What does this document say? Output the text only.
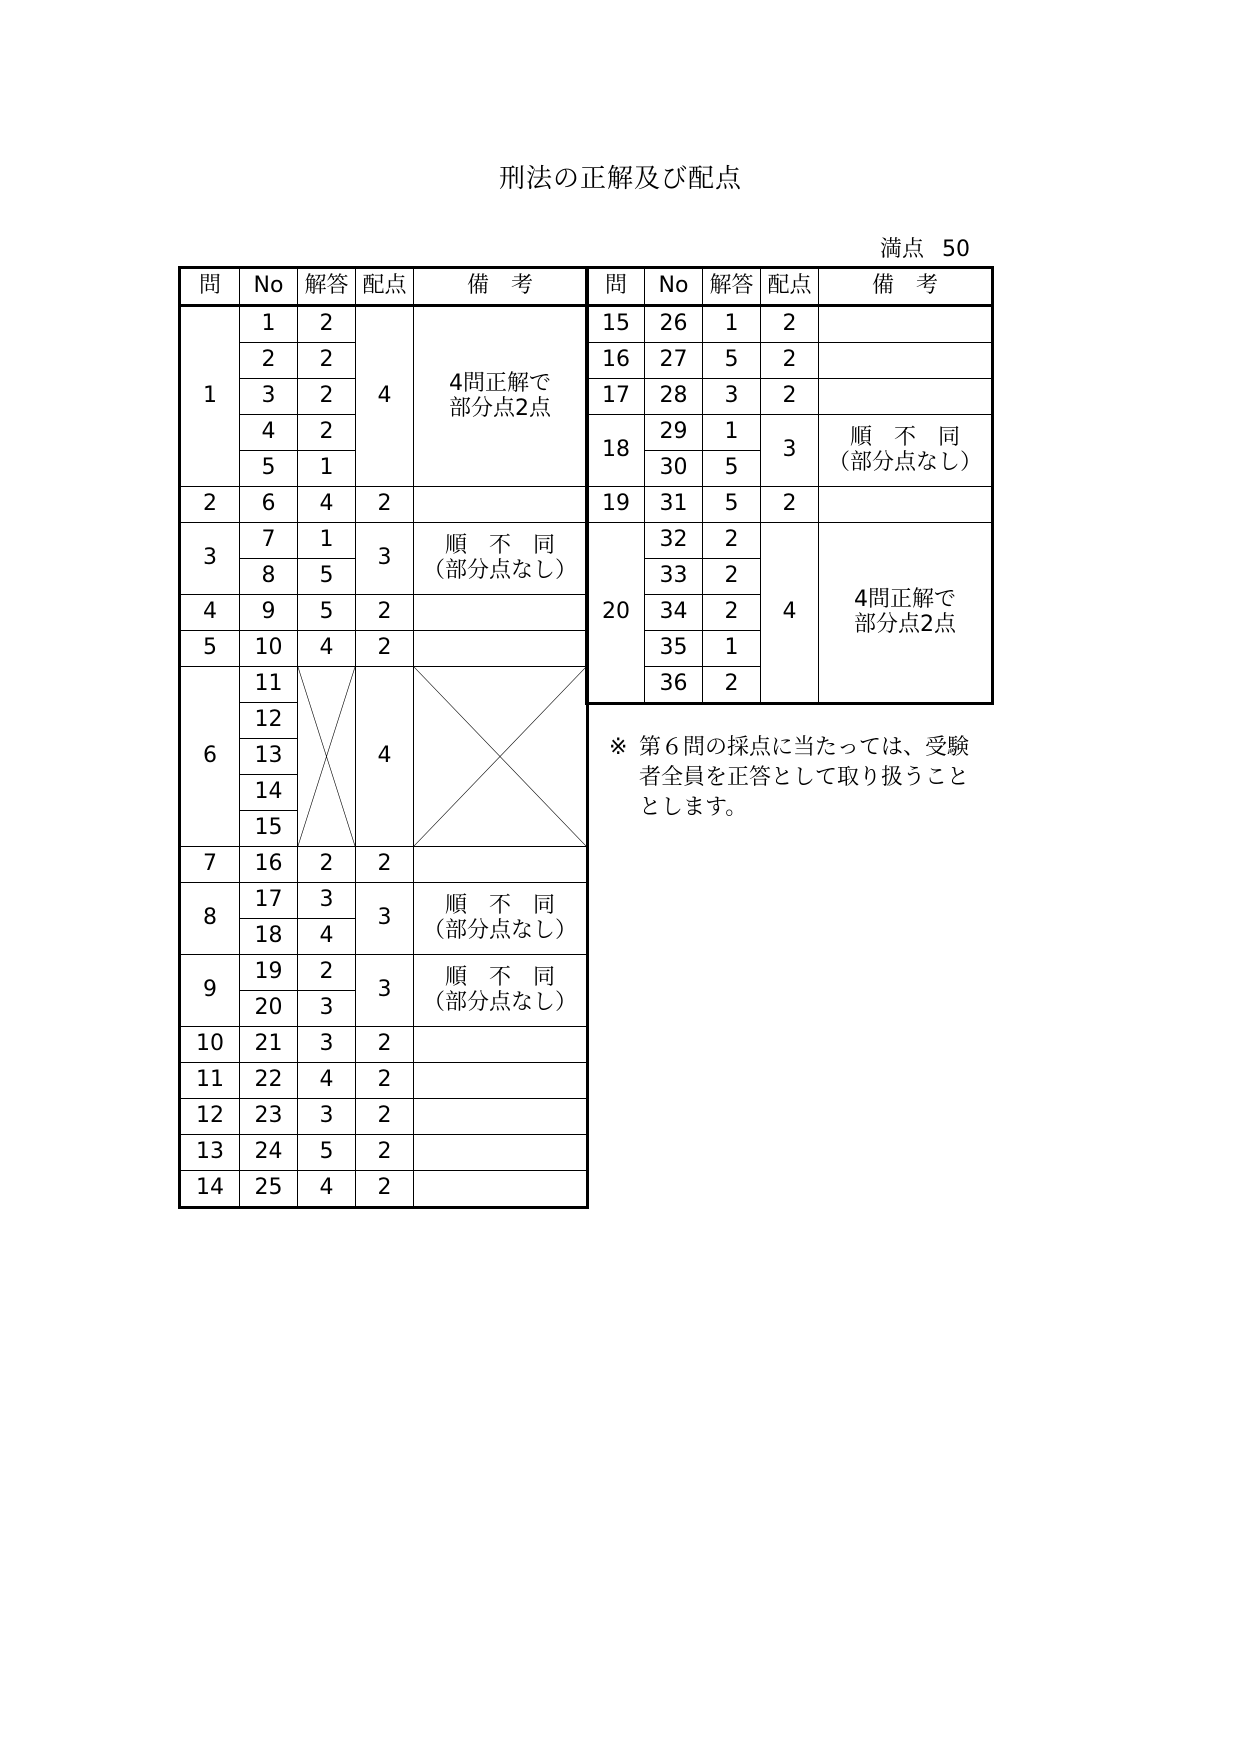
刑法の正解及び配点
満点 50
問	No	解答	配点	備　考
1	1	2	4	4問正解で
部分点2点
	2	2		
	3	2		
	4	2		
	5	1		
2	6	4	2	
3	7	1	3	順　不　同
（部分点なし）
	8	5		
4	9	5	2	
5	10	4	2	
6	11		4	

	12			
	13			
	14			
	15			
7	16	2	2	
8	17	3	3	順　不　同
（部分点なし）
	18	4		
9	19	2	3	順　不　同
（部分点なし）
	20	3		
10	21	3	2	
11	22	4	2	
12	23	3	2	
13	24	5	2	
14	25	4	2	
問	No	解答	配点	備　考
15	26	1	2	
16	27	5	2	
17	28	3	2	
18	29	1	3	順　不　同
（部分点なし）
	30	5		
19	31	5	2	
20	32	2	4	4問正解で
部分点2点
	33	2		
	34	2		
	35	1		
	36	2		
※ 第６問の採点に当たっては、受験者全員を正答として取り扱うこととします。
